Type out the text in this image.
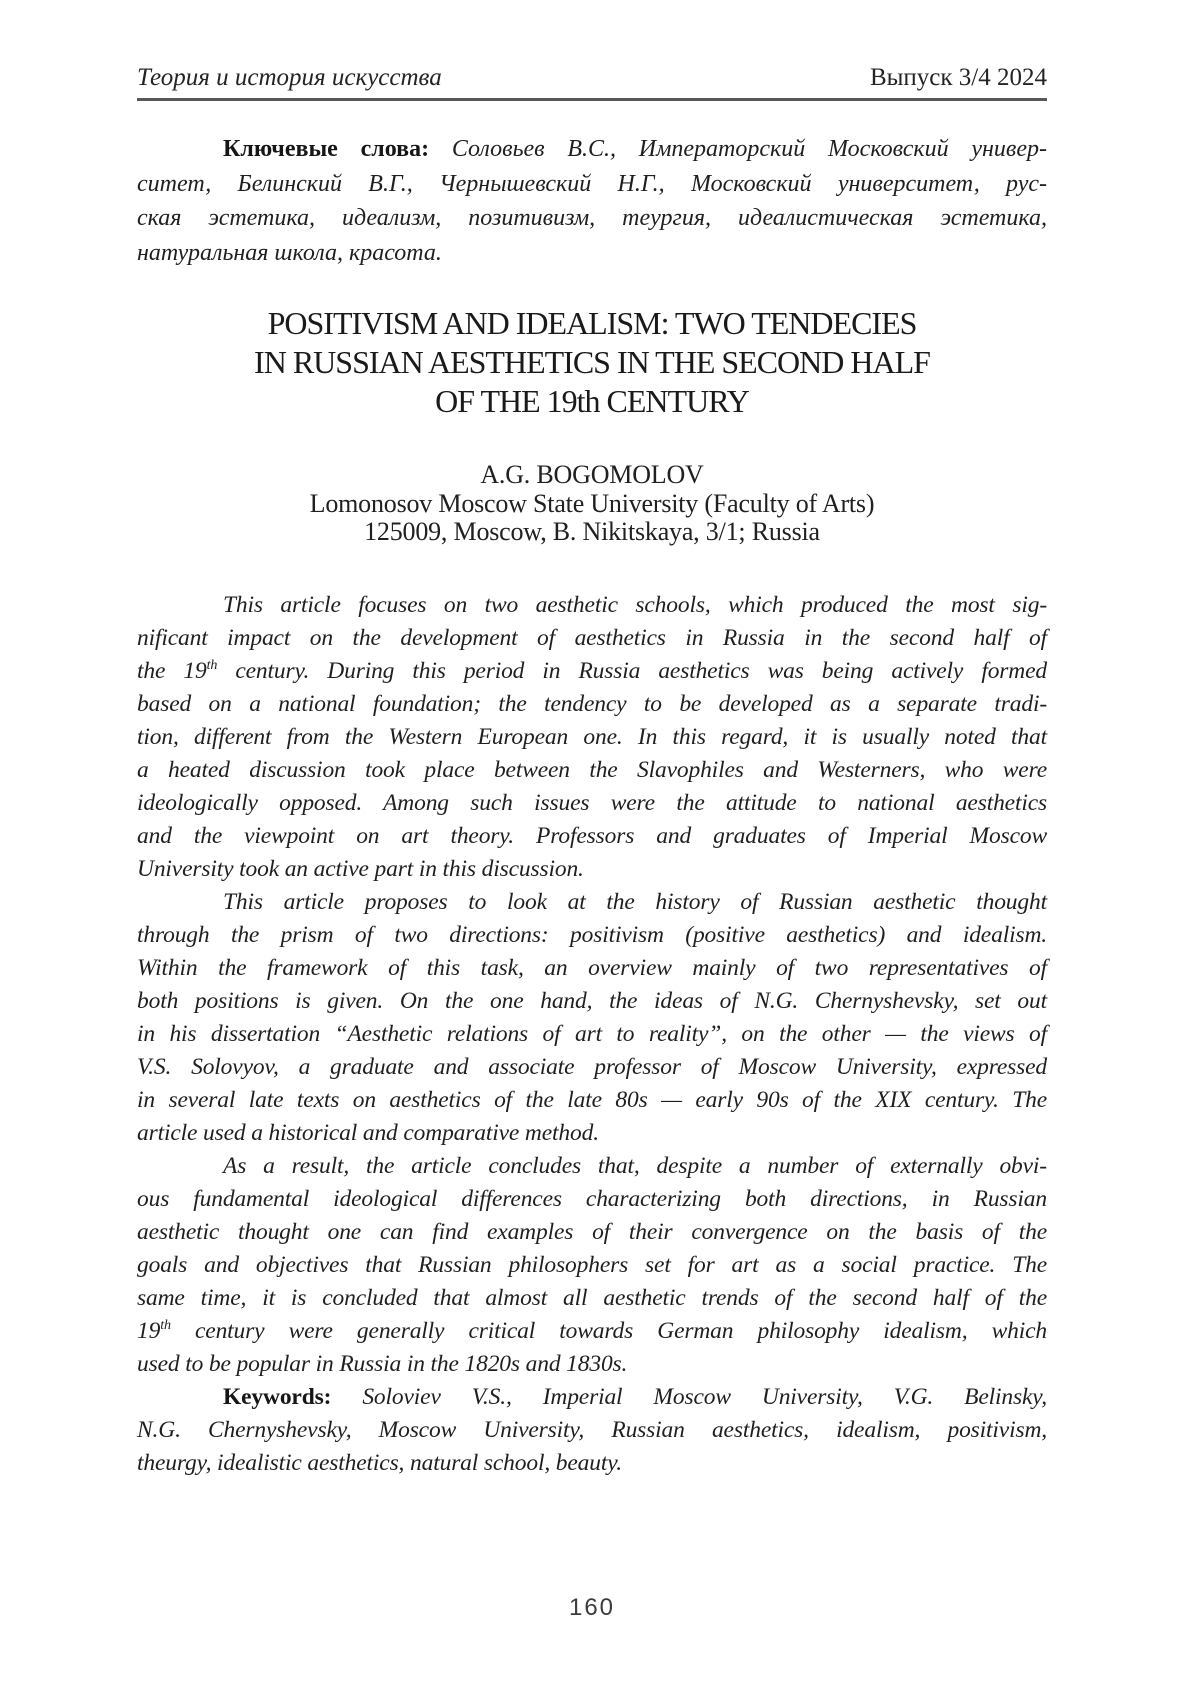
Теория и история искусства	Выпуск 3/4 2024
Ключевые слова: Соловьев В.С., Императорский Московский универ-
ситет, Белинский В.Г., Чернышевский Н.Г., Московский университет, рус-
ская эстетика, идеализм, позитивизм, теургия, идеалистическая эстетика,
натуральная школа, красота.
POSITIVISM AND IDEALISM: TWO TENDECIES
IN RUSSIAN AESTHETICS IN THE SECOND HALF
OF THE 19th CENTURY
A.G. BOGOMOLOV
Lomonosov Moscow State University (Faculty of Arts)
125009, Moscow, B. Nikitskaya, 3/1; Russia
This article focuses on two aesthetic schools, which produced the most sig-
nificant impact on the development of aesthetics in Russia in the second half of
the 19th century. During this period in Russia aesthetics was being actively formed
based on a national foundation; the tendency to be developed as a separate tradi-
tion, different from the Western European one. In this regard, it is usually noted that
a heated discussion took place between the Slavophiles and Westerners, who were
ideologically opposed. Among such issues were the attitude to national aesthetics
and the viewpoint on art theory. Professors and graduates of Imperial Moscow
University took an active part in this discussion.
This article proposes to look at the history of Russian aesthetic thought
through the prism of two directions: positivism (positive aesthetics) and idealism.
Within the framework of this task, an overview mainly of two representatives of
both positions is given. On the one hand, the ideas of N.G. Chernyshevsky, set out
in his dissertation “Aesthetic relations of art to reality”, on the other — the views of
V.S. Solovyov, a graduate and associate professor of Moscow University, expressed
in several late texts on aesthetics of the late 80s — early 90s of the XIX century. The
article used a historical and comparative method.
As a result, the article concludes that, despite a number of externally obvi-
ous fundamental ideological differences characterizing both directions, in Russian
aesthetic thought one can find examples of their convergence on the basis of the
goals and objectives that Russian philosophers set for art as a social practice. The
same time, it is concluded that almost all aesthetic trends of the second half of the
19th century were generally critical towards German philosophy idealism, which
used to be popular in Russia in the 1820s and 1830s.
Keywords: Soloviev V.S., Imperial Moscow University, V.G. Belinsky,
N.G. Chernyshevsky, Moscow University, Russian aesthetics, idealism, positivism,
theurgy, idealistic aesthetics, natural school, beauty.
160
